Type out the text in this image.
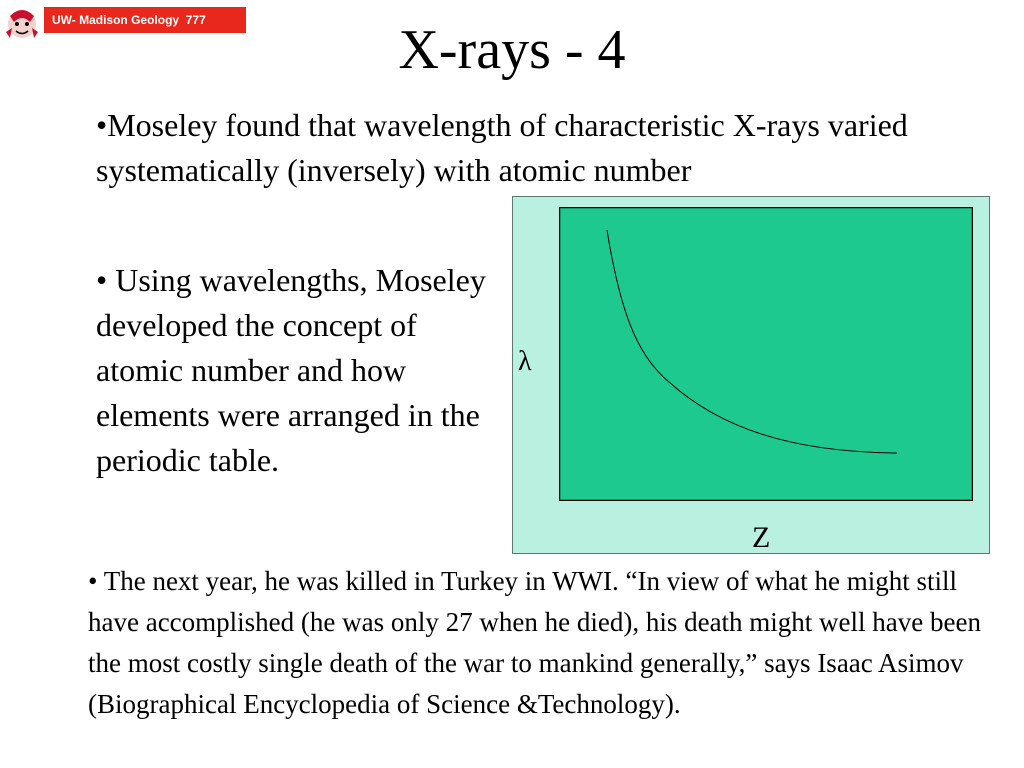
UW- Madison Geology  777	X-rays - 4
•Moseley found that wavelength of characteristic X-rays varied systematically (inversely) with atomic number
• Using wavelengths, Moseley developed the concept of atomic number and how elements were arranged in the periodic table.
λ
Z
• The next year, he was killed in Turkey in WWI. “In view of what he might still have accomplished (he was only 27 when he died), his death might well have been the most costly single death of the war to mankind generally,” says Isaac Asimov (Biographical Encyclopedia of Science &Technology).
